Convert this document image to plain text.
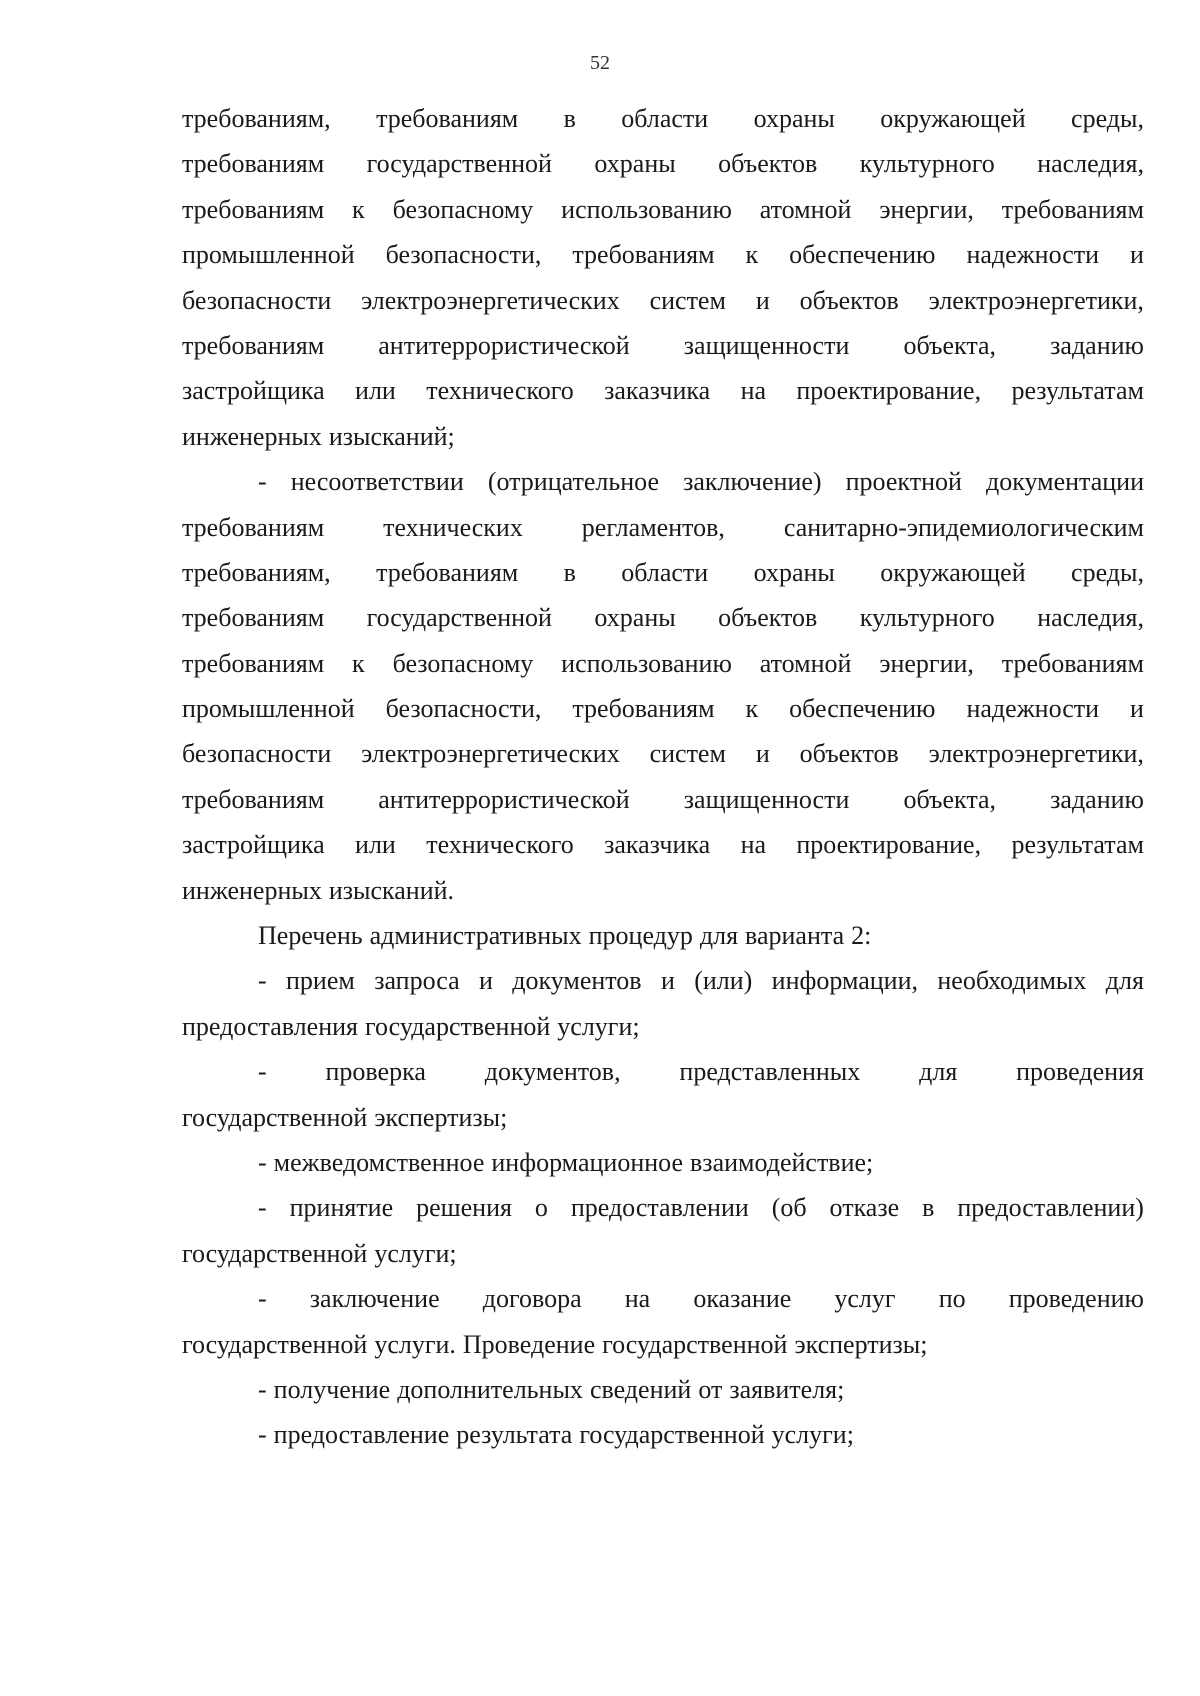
52
требованиям, требованиям в области охраны окружающей среды,
требованиям государственной охраны объектов культурного наследия,
требованиям к безопасному использованию атомной энергии, требованиям
промышленной безопасности, требованиям к обеспечению надежности и
безопасности электроэнергетических систем и объектов электроэнергетики,
требованиям антитеррористической защищенности объекта, заданию
застройщика или технического заказчика на проектирование, результатам
инженерных изысканий;
- несоответствии (отрицательное заключение) проектной документации
требованиям технических регламентов, санитарно-эпидемиологическим
требованиям, требованиям в области охраны окружающей среды,
требованиям государственной охраны объектов культурного наследия,
требованиям к безопасному использованию атомной энергии, требованиям
промышленной безопасности, требованиям к обеспечению надежности и
безопасности электроэнергетических систем и объектов электроэнергетики,
требованиям антитеррористической защищенности объекта, заданию
застройщика или технического заказчика на проектирование, результатам
инженерных изысканий.
Перечень административных процедур для варианта 2:
- прием запроса и документов и (или) информации, необходимых для
предоставления государственной услуги;
- проверка документов, представленных для проведения
государственной экспертизы;
- межведомственное информационное взаимодействие;
- принятие решения о предоставлении (об отказе в предоставлении)
государственной услуги;
- заключение договора на оказание услуг по проведению
государственной услуги. Проведение государственной экспертизы;
- получение дополнительных сведений от заявителя;
- предоставление результата государственной услуги;
